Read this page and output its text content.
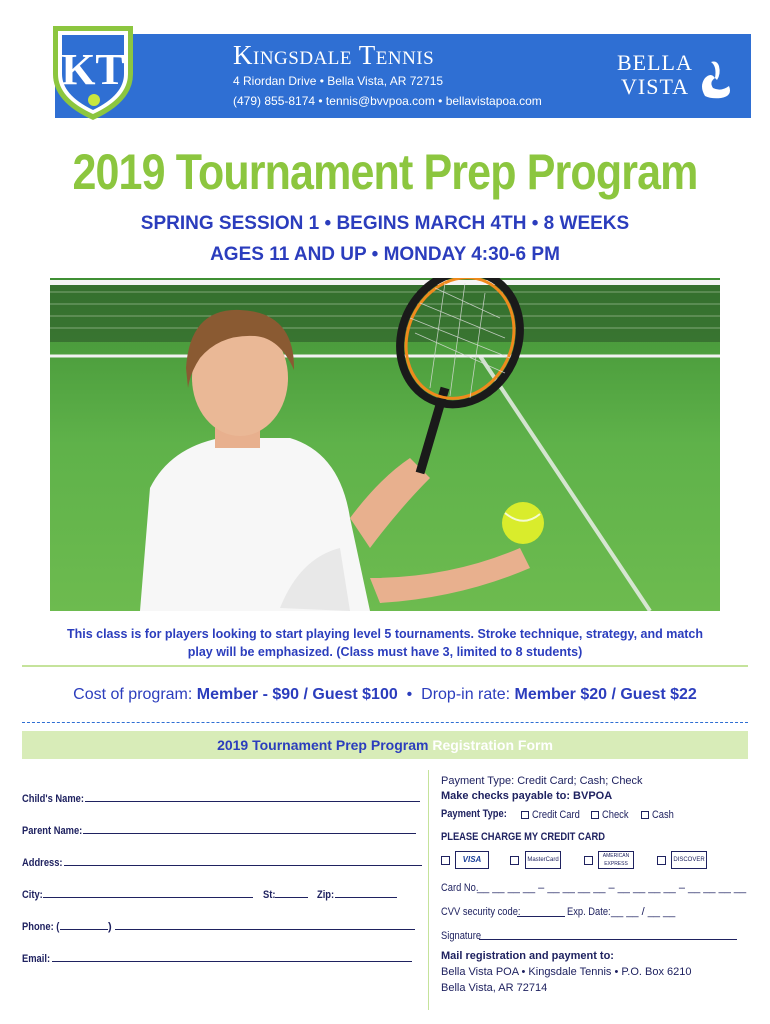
KT	Kingsdale Tennis
4 Riordan Drive • Bella Vista, AR 72715
(479) 855-8174 • tennis@bvvpoa.com • bellavistapoa.com
BELLA
VISTA
2019 Tournament Prep Program
SPRING SESSION 1 • BEGINS MARCH 4TH • 8 WEEKS
AGES 11 AND UP • MONDAY 4:30-6 PM
This class is for players looking to start playing level 5 tournaments. Stroke technique, strategy, and match play will be emphasized. (Class must have 3, limited to 8 students)
Cost of program: Member - $90 / Guest $100  •  Drop-in rate: Member $20 / Guest $22
2019 Tournament Prep Program Registration Form
Child's Name:
Parent Name:
Address:
City:	St:	Zip:
Phone: (	)
Email:
Payment Type: Credit Card; Cash; Check
Make checks payable to: BVPOA
Payment Type:	Credit Card	Check	Cash
PLEASE CHARGE MY CREDIT CARD
VISA	MasterCard
AMERICAN EXPRESS
DISCOVER
Card No.
__ __ __ __ – __ __ __ __ – __ __ __ __ – __ __ __ __
CVV security code:	Exp. Date: __ __ / __ __
Signature
Mail registration and payment to:
Bella Vista POA • Kingsdale Tennis • P.O. Box 6210
Bella Vista, AR 72714
